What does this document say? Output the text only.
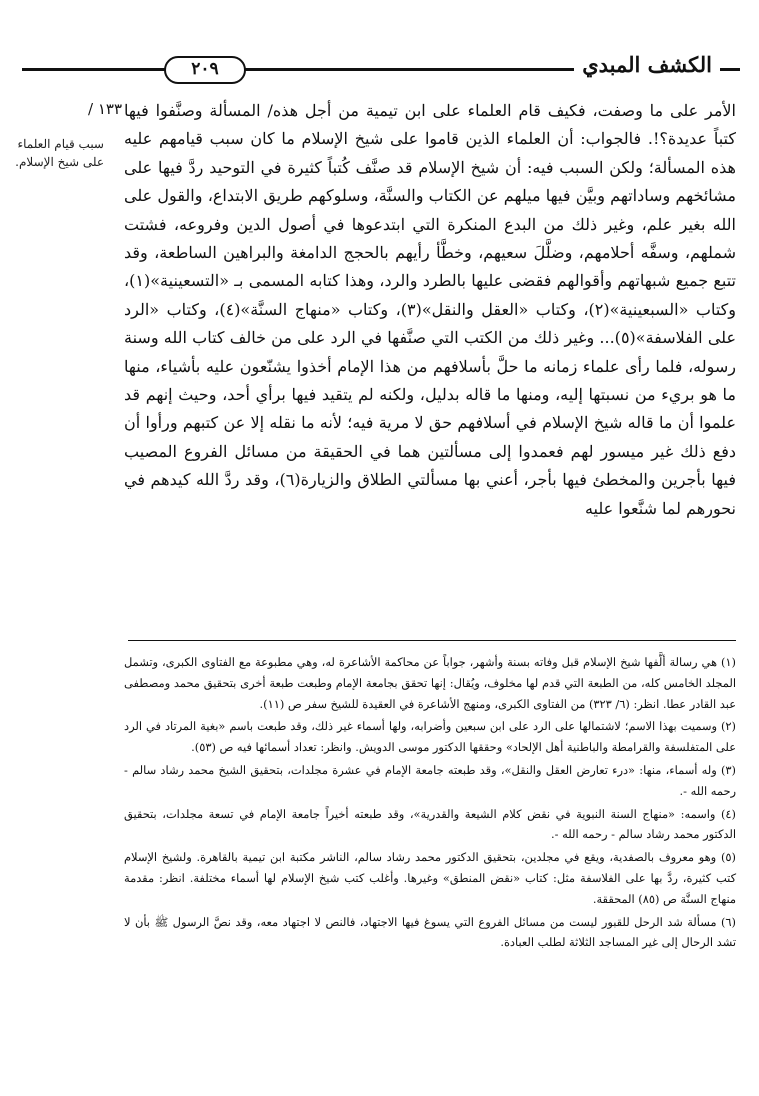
الكشف المبدي
٢٠٩
١٣٣ /
سبب قيام العلماء على شيخ الإسلام.

الأمر على ما وصفت، فكيف قام العلماء على ابن تيمية من أجل هذه/ المسألة وصنَّفوا فيها كتباً عديدة؟!. فالجواب: أن العلماء الذين قاموا على شيخ الإسلام ما كان سبب قيامهم عليه هذه المسألة؛ ولكن السبب فيه: أن شيخ الإسلام قد صنَّف كُتباً كثيرة في التوحيد ردَّ فيها على مشائخهم وساداتهم وبيَّن فيها ميلهم عن الكتاب والسنَّة، وسلوكهم طريق الابتداع، والقول على الله بغير علم، وغير ذلك من البدع المنكرة التي ابتدعوها في أصول الدين وفروعه، فشتت شملهم، وسفَّه أحلامهم، وضلَّلَ سعيهم، وخطَّأ رأيهم بالحجج الدامغة والبراهين الساطعة، وقد تتبع جميع شبهاتهم وأقوالهم فقضى عليها بالطرد والرد، وهذا كتابه المسمى بـ «التسعينية»(١)، وكتاب «السبعينية»(٢)، وكتاب «العقل والنقل»(٣)، وكتاب «منهاج السنَّة»(٤)، وكتاب «الرد على الفلاسفة»(٥)... وغير ذلك من الكتب التي صنَّفها في الرد على من خالف كتاب الله وسنة رسوله، فلما رأى علماء زمانه ما حلَّ بأسلافهم من هذا الإمام أخذوا يشنّعون عليه بأشياء، منها ما هو بريء من نسبتها إليه، ومنها ما قاله بدليل، ولكنه لم يتقيد فيها برأي أحد، وحيث إنهم قد علموا أن ما قاله شيخ الإسلام في أسلافهم حق لا مرية فيه؛ لأنه ما نقله إلا عن كتبهم ورأوا أن دفع ذلك غير ميسور لهم فعمدوا إلى مسألتين هما في الحقيقة من مسائل الفروع المصيب فيها بأجرين والمخطئ فيها بأجر، أعني بها مسألتي الطلاق والزيارة(٦)، وقد ردَّ الله كيدهم في نحورهم لما شنَّعوا عليه

(١) هي رسالة ألَّفها شيخ الإسلام قبل وفاته بسنة وأشهر، جواباً عن محاكمة الأشاعرة له، وهي مطبوعة مع الفتاوى الكبرى، وتشمل المجلد الخامس كله، من الطبعة التي قدم لها مخلوف، ويُقال: إنها تحقق بجامعة الإمام وطبعت طبعة أخرى بتحقيق محمد ومصطفى عبد القادر عطا. انظر: (٦/ ٣٢٣) من الفتاوى الكبرى، ومنهج الأشاعرة في العقيدة للشيخ سفر ص (١١).

(٢) وسميت بهذا الاسم؛ لاشتمالها على الرد على ابن سبعين وأضرابه، ولها أسماء غير ذلك، وقد طبعت باسم «بغية المرتاد في الرد على المتفلسفة والقرامطة والباطنية أهل الإلحاد» وحققها الدكتور موسى الدويش. وانظر: تعداد أسمائها فيه ص (٥٣).

(٣) وله أسماء، منها: «درء تعارض العقل والنقل»، وقد طبعته جامعة الإمام في عشرة مجلدات، بتحقيق الشيخ محمد رشاد سالم - رحمه الله -.

(٤) واسمه: «منهاج السنة النبوية في نقض كلام الشيعة والقدرية»، وقد طبعته أخيراً جامعة الإمام في تسعة مجلدات، بتحقيق الدكتور محمد رشاد سالم - رحمه الله -.

(٥) وهو معروف بالصفدية، ويقع في مجلدين، بتحقيق الدكتور محمد رشاد سالم، الناشر مكتبة ابن تيمية بالقاهرة. ولشيخ الإسلام كتب كثيرة، ردَّ بها على الفلاسفة مثل: كتاب «نقض المنطق» وغيرها. وأغلب كتب شيخ الإسلام لها أسماء مختلفة. انظر: مقدمة منهاج السنَّة ص (٨٥) المحققة.

(٦) مسألة شد الرحل للقبور ليست من مسائل الفروع التي يسوغ فيها الاجتهاد، فالنص لا اجتهاد معه، وقد نصَّ الرسول ﷺ بأن لا تشد الرحال إلى غير المساجد الثلاثة لطلب العبادة.
